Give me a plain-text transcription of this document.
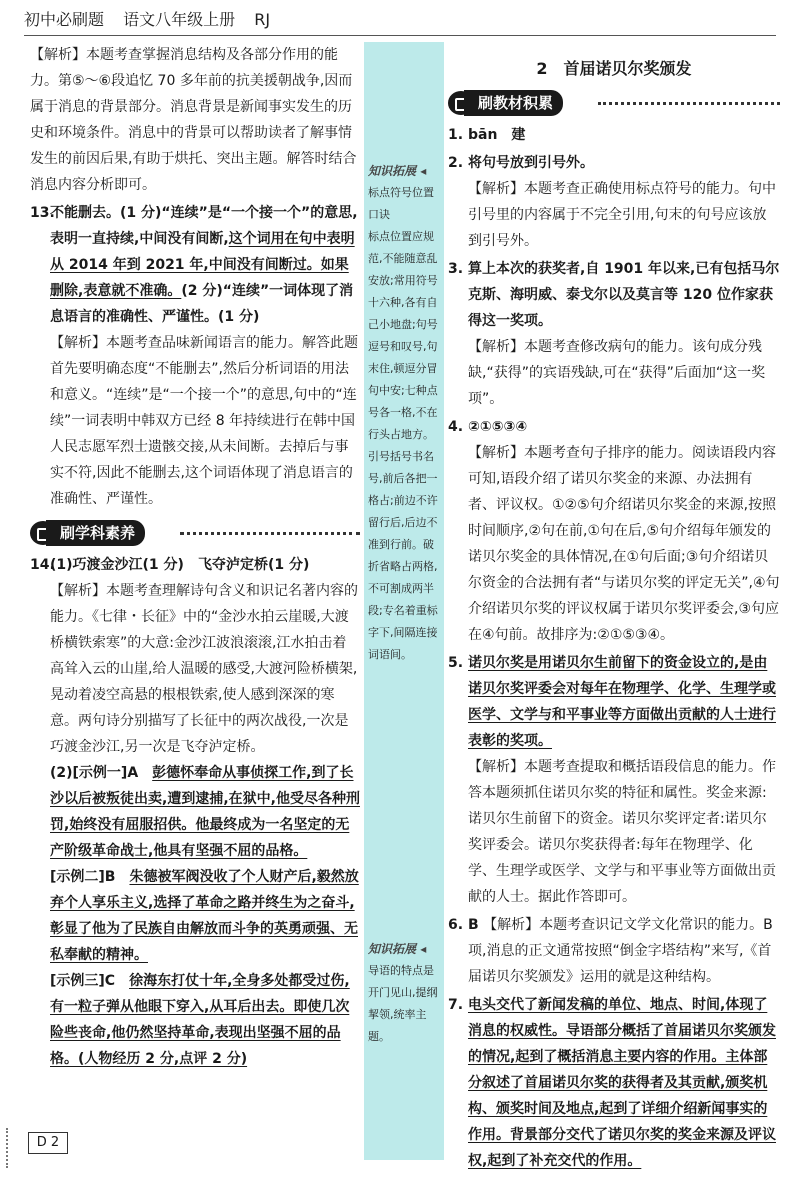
初中必刷题 语文八年级上册 RJ
【解析】本题考查掌握消息结构及各部分作用的能力。第⑤～⑥段追忆 70 多年前的抗美援朝战争,因而属于消息的背景部分。消息背景是新闻事实发生的历史和环境条件。消息中的背景可以帮助读者了解事情发生的前因后果,有助于烘托、突出主题。解答时结合消息内容分析即可。
13.
不能删去。(1 分)“连续”是“一个接一个”的意思,表明一直持续,中间没有间断,这个词用在句中表明从 2014 年到 2021 年,中间没有间断过。如果删除,表意就不准确。(2 分)“连续”一词体现了消息语言的准确性、严谨性。(1 分)
【解析】本题考查品味新闻语言的能力。解答此题首先要明确态度“不能删去”,然后分析词语的用法和意义。“连续”是“一个接一个”的意思,句中的“连续”一词表明中韩双方已经 8 年持续进行在韩中国人民志愿军烈士遗骸交接,从未间断。去掉后与事实不符,因此不能删去,这个词语体现了消息语言的准确性、严谨性。
刷学科素养
14.
(1)巧渡金沙江(1 分)　飞夺泸定桥(1 分)
【解析】本题考查理解诗句含义和识记名著内容的能力。《七律・长征》中的“金沙水拍云崖暖,大渡桥横铁索寒”的大意:金沙江波浪滚滚,江水拍击着高耸入云的山崖,给人温暖的感受,大渡河险桥横架,晃动着凌空高悬的根根铁索,使人感到深深的寒意。两句诗分别描写了长征中的两次战役,一次是巧渡金沙江,另一次是飞夺泸定桥。
(2)[示例一]A　彭德怀奉命从事侦探工作,到了长沙以后被叛徒出卖,遭到逮捕,在狱中,他受尽各种刑罚,始终没有屈服招供。他最终成为一名坚定的无产阶级革命战士,他具有坚强不屈的品格。
[示例二]B　朱德被军阀没收了个人财产后,毅然放弃个人享乐主义,选择了革命之路并终生为之奋斗,彰显了他为了民族自由解放而斗争的英勇顽强、无私奉献的精神。
[示例三]C　徐海东打仗十年,全身多处都受过伤,有一粒子弹从他眼下穿入,从耳后出去。即使几次险些丧命,他仍然坚持革命,表现出坚强不屈的品格。(人物经历 2 分,点评 2 分)
知识拓展 ◂
标点符号位置口诀
标点位置应规范,不能随意乱安放;常用符号十六种,各有自己小地盘;句号逗号和叹号,句末住,顿逗分冒句中安;七种点号各一格,不在行头占地方。引号括号书名号,前后各把一格占;前边不许留行后,后边不准到行前。破折省略占两格,不可割成两半段;专名着重标字下,间隔连接词语间。
知识拓展 ◂
导语的特点是开门见山,提纲挈领,统率主题。
2　首届诺贝尔奖颁发
刷教材积累
1. bān　建
2. 将句号放到引号外。
【解析】本题考查正确使用标点符号的能力。句中引号里的内容属于不完全引用,句末的句号应该放到引号外。
3. 算上本次的获奖者,自 1901 年以来,已有包括马尔克斯、海明威、泰戈尔以及莫言等 120 位作家获得这一奖项。
【解析】本题考查修改病句的能力。该句成分残缺,“获得”的宾语残缺,可在“获得”后面加“这一奖项”。
4. ②①⑤③④
【解析】本题考查句子排序的能力。阅读语段内容可知,语段介绍了诺贝尔奖金的来源、办法拥有者、评议权。①②⑤句介绍诺贝尔奖金的来源,按照时间顺序,②句在前,①句在后,⑤句介绍每年颁发的诺贝尔奖金的具体情况,在①句后面;③句介绍诺贝尔资金的合法拥有者“与诺贝尔奖的评定无关”,④句介绍诺贝尔奖的评议权属于诺贝尔奖评委会,③句应在④句前。故排序为:②①⑤③④。
5. 诺贝尔奖是用诺贝尔生前留下的资金设立的,是由诺贝尔奖评委会对每年在物理学、化学、生理学或医学、文学与和平事业等方面做出贡献的人士进行表彰的奖项。
【解析】本题考查提取和概括语段信息的能力。作答本题须抓住诺贝尔奖的特征和属性。奖金来源:诺贝尔生前留下的资金。诺贝尔奖评定者:诺贝尔奖评委会。诺贝尔奖获得者:每年在物理学、化学、生理学或医学、文学与和平事业等方面做出贡献的人士。据此作答即可。
6. B 【解析】本题考查识记文学文化常识的能力。B 项,消息的正文通常按照“倒金字塔结构”来写,《首届诺贝尔奖颁发》运用的就是这种结构。
7. 电头交代了新闻发稿的单位、地点、时间,体现了消息的权威性。导语部分概括了首届诺贝尔奖颁发的情况,起到了概括消息主要内容的作用。主体部分叙述了首届诺贝尔奖的获得者及其贡献,颁奖机构、颁奖时间及地点,起到了详细介绍新闻事实的作用。背景部分交代了诺贝尔奖的奖金来源及评议权,起到了补充交代的作用。
D 2
